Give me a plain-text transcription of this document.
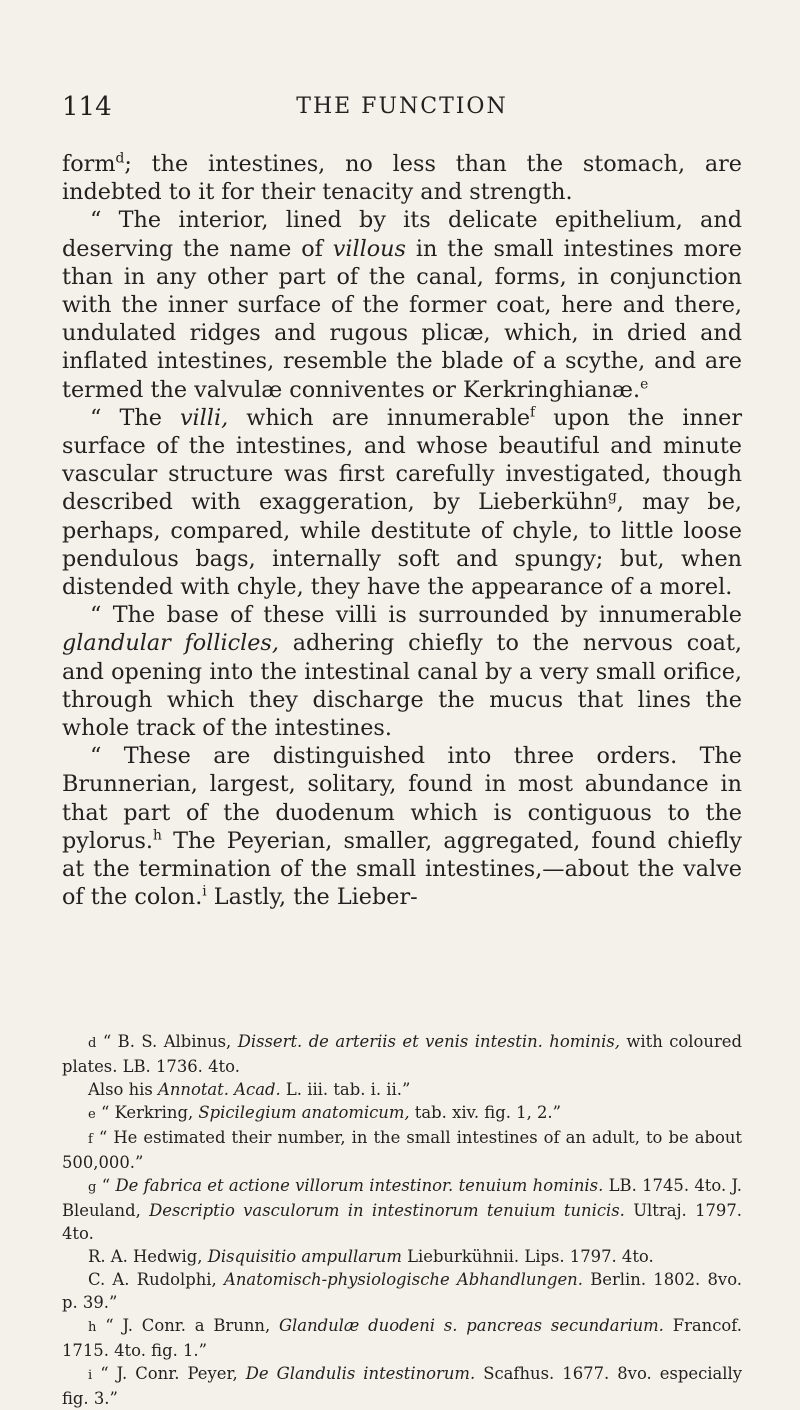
114	THE FUNCTION

form$^d$; the intestines, no less than the stomach, are indebted to it for their tenacity and strength.

“ The interior, lined by its delicate epithelium, and deserving the name of villous in the small intestines more than in any other part of the canal, forms, in conjunction with the inner surface of the former coat, here and there, undulated ridges and rugous plicæ, which, in dried and inflated intestines, resemble the blade of a scythe, and are termed the valvulæ conniventes or Kerkringhianæ.$^e$

“ The villi, which are innumerable$^f$ upon the inner surface of the intestines, and whose beautiful and minute vascular structure was first carefully investigated, though described with exaggeration, by Lieberkühn$^g$, may be, perhaps, compared, while destitute of chyle, to little loose pendulous bags, internally soft and spungy; but, when distended with chyle, they have the appearance of a morel.

“ The base of these villi is surrounded by innumerable glandular follicles, adhering chiefly to the nervous coat, and opening into the intestinal canal by a very small orifice, through which they discharge the mucus that lines the whole track of the intestines.

“ These are distinguished into three orders. The Brunnerian, largest, solitary, found in most abundance in that part of the duodenum which is contiguous to the pylorus.$^h$ The Peyerian, smaller, aggregated, found chiefly at the termination of the small intestines,—about the valve of the colon.$^i$ Lastly, the Lieber-

d “ B. S. Albinus, Dissert. de arteriis et venis intestin. hominis, with coloured plates. LB. 1736. 4to.

Also his Annotat. Acad. L. iii. tab. i. ii.”

e “ Kerkring, Spicilegium anatomicum, tab. xiv. fig. 1, 2.”

f “ He estimated their number, in the small intestines of an adult, to be about 500,000.”

g “ De fabrica et actione villorum intestinor. tenuium hominis. LB. 1745. 4to. J. Bleuland, Descriptio vasculorum in intestinorum tenuium tunicis. Ultraj. 1797. 4to.

R. A. Hedwig, Disquisitio ampullarum Lieburkühnii. Lips. 1797. 4to.

C. A. Rudolphi, Anatomisch-physiologische Abhandlungen. Berlin. 1802. 8vo. p. 39.”

h “ J. Conr. a Brunn, Glandulæ duodeni s. pancreas secundarium. Francof. 1715. 4to. fig. 1.”

i “ J. Conr. Peyer, De Glandulis intestinorum. Scafhus. 1677. 8vo. especially fig. 3.”
